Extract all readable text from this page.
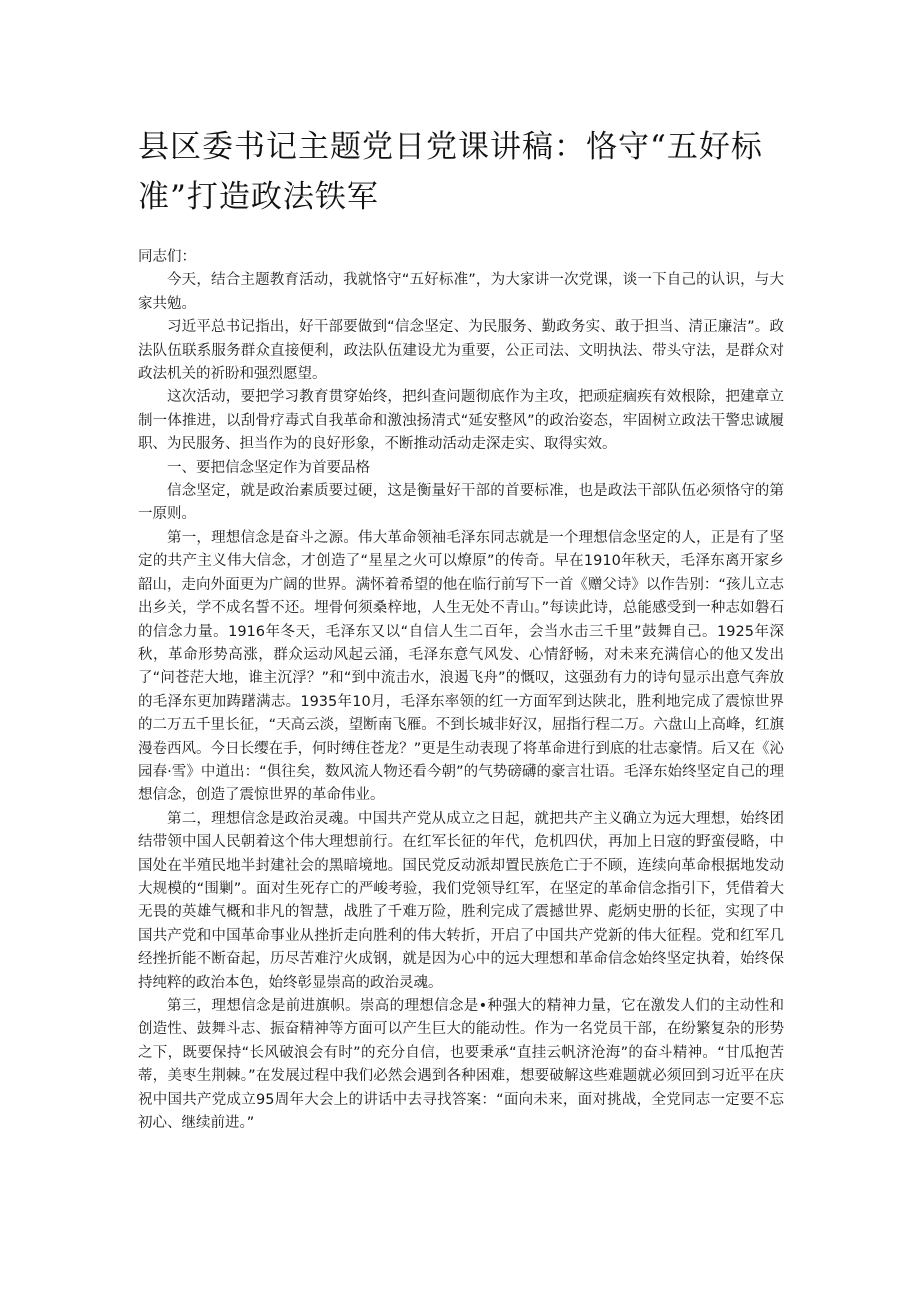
县区委书记主题党日党课讲稿：恪守“五好标准”打造政法铁军

同志们：

今天，结合主题教育活动，我就恪守“五好标准”，为大家讲一次党课，谈一下自己的认识，与大家共勉。

习近平总书记指出，好干部要做到“信念坚定、为民服务、勤政务实、敢于担当、清正廉洁”。政法队伍联系服务群众直接便利，政法队伍建设尤为重要，公正司法、文明执法、带头守法，是群众对政法机关的祈盼和强烈愿望。

这次活动，要把学习教育贯穿始终，把纠查问题彻底作为主攻，把顽症痼疾有效根除，把建章立制一体推进，以刮骨疗毒式自我革命和激浊扬清式“延安整风”的政治姿态，牢固树立政法干警忠诚履职、为民服务、担当作为的良好形象，不断推动活动走深走实、取得实效。

一、要把信念坚定作为首要品格

信念坚定，就是政治素质要过硬，这是衡量好干部的首要标准，也是政法干部队伍必须恪守的第一原则。

第一，理想信念是奋斗之源。伟大革命领袖毛泽东同志就是一个理想信念坚定的人，正是有了坚定的共产主义伟大信念，才创造了“星星之火可以燎原”的传奇。早在1910年秋天，毛泽东离开家乡韶山，走向外面更为广阔的世界。满怀着希望的他在临行前写下一首《赠父诗》以作告别：“孩儿立志出乡关，学不成名誓不还。埋骨何须桑梓地，人生无处不青山。”每读此诗，总能感受到一种志如磐石的信念力量。1916年冬天，毛泽东又以“自信人生二百年，会当水击三千里”鼓舞自己。1925年深秋，革命形势高涨，群众运动风起云涌，毛泽东意气风发、心情舒畅，对未来充满信心的他又发出了“问苍茫大地，谁主沉浮？”和“到中流击水，浪遏飞舟”的慨叹，这强劲有力的诗句显示出意气奔放的毛泽东更加踌躇满志。1935年10月，毛泽东率领的红一方面军到达陕北，胜利地完成了震惊世界的二万五千里长征，“天高云淡，望断南飞雁。不到长城非好汉，屈指行程二万。六盘山上高峰，红旗漫卷西风。今日长缨在手，何时缚住苍龙？”更是生动表现了将革命进行到底的壮志豪情。后又在《沁园春·雪》中道出：“俱往矣，数风流人物还看今朝”的气势磅礴的豪言壮语。毛泽东始终坚定自己的理想信念，创造了震惊世界的革命伟业。

第二，理想信念是政治灵魂。中国共产党从成立之日起，就把共产主义确立为远大理想，始终团结带领中国人民朝着这个伟大理想前行。在红军长征的年代，危机四伏，再加上日寇的野蛮侵略，中国处在半殖民地半封建社会的黑暗境地。国民党反动派却置民族危亡于不顾，连续向革命根据地发动大规模的“围剿”。面对生死存亡的严峻考验，我们党领导红军，在坚定的革命信念指引下，凭借着大无畏的英雄气概和非凡的智慧，战胜了千难万险，胜利完成了震撼世界、彪炳史册的长征，实现了中国共产党和中国革命事业从挫折走向胜利的伟大转折，开启了中国共产党新的伟大征程。党和红军几经挫折能不断奋起，历尽苦难泞火成钢，就是因为心中的远大理想和革命信念始终坚定执着，始终保持纯粹的政治本色，始终彰显崇高的政治灵魂。

第三，理想信念是前进旗帜。崇高的理想信念是•种强大的精神力量，它在激发人们的主动性和创造性、鼓舞斗志、振奋精神等方面可以产生巨大的能动性。作为一名党员干部，在纷繁复杂的形势之下，既要保持“长风破浪会有时”的充分自信，也要秉承“直挂云帆济沧海”的奋斗精神。“甘瓜抱苦蒂，美枣生荆棘。”在发展过程中我们必然会遇到各种困难，想要破解这些难题就必须回到习近平在庆祝中国共产党成立95周年大会上的讲话中去寻找答案：“面向未来，面对挑战，全党同志一定要不忘初心、继续前进。”
